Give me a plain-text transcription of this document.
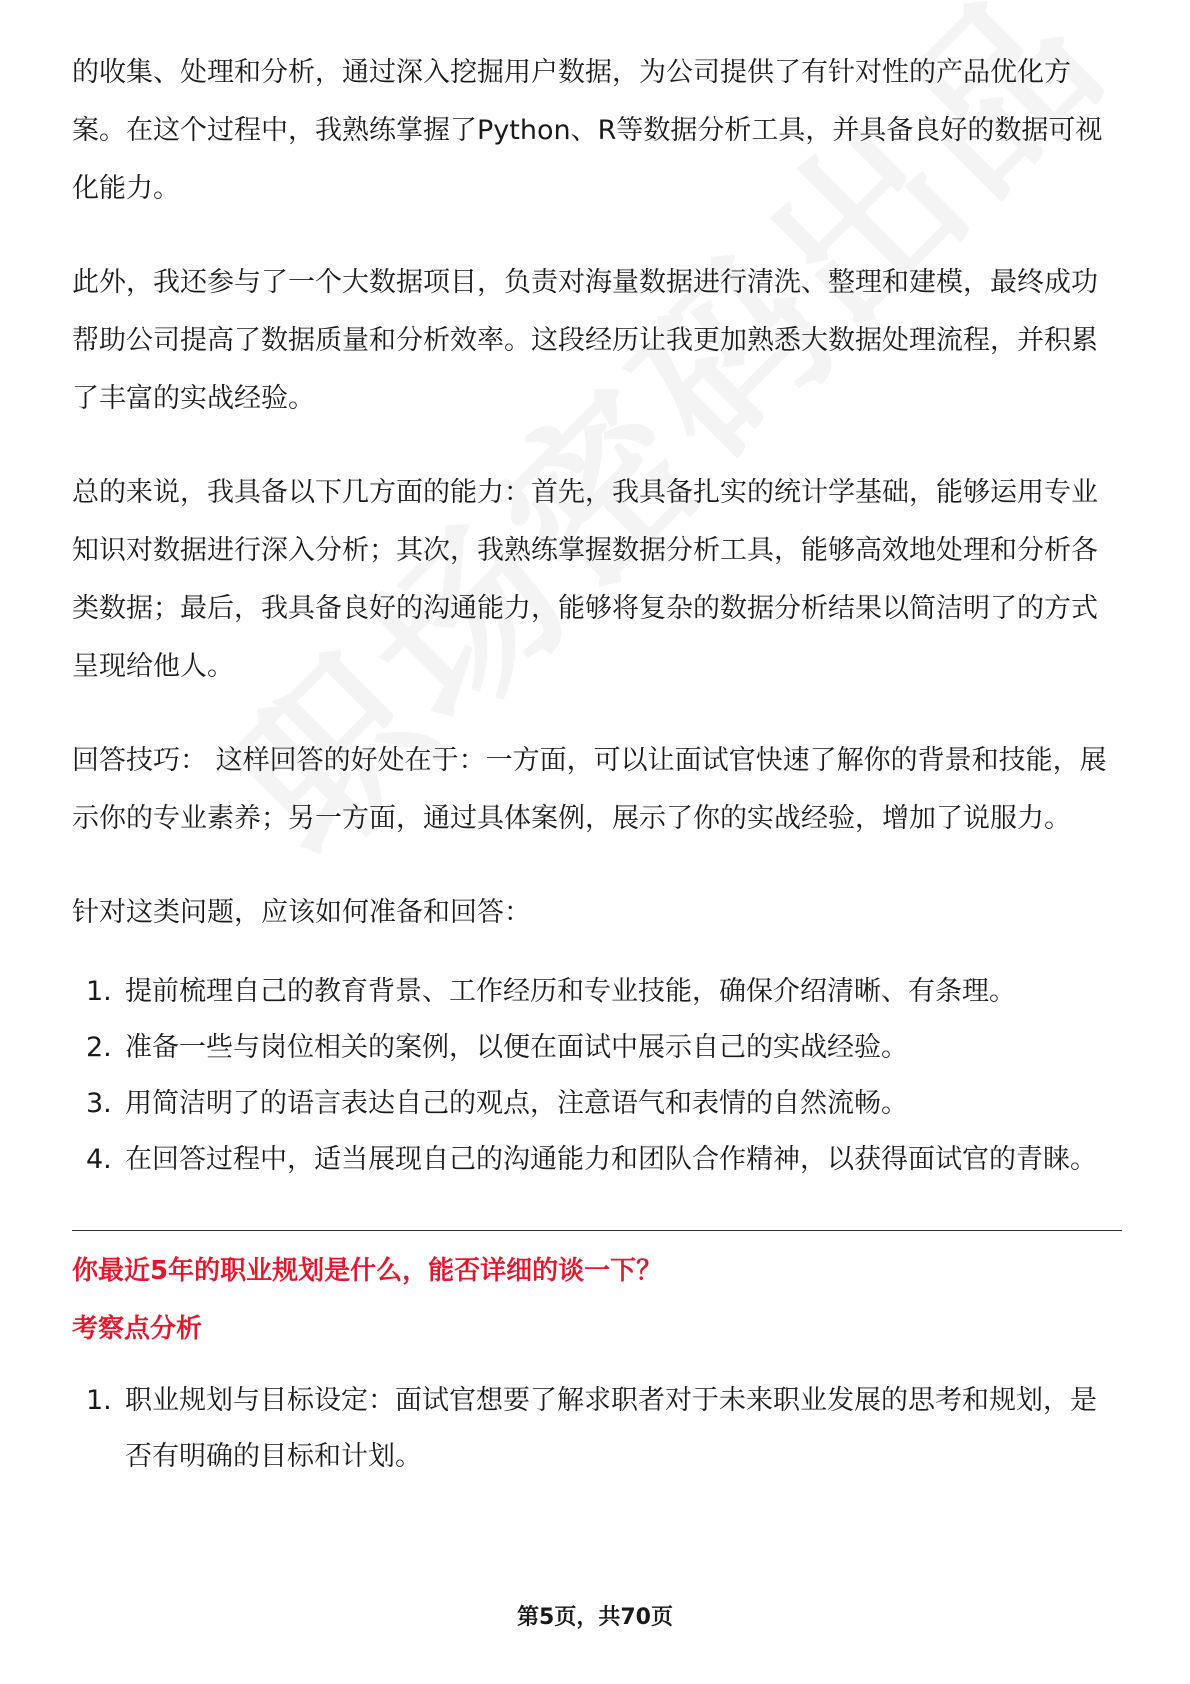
的收集、处理和分析，通过深入挖掘用户数据，为公司提供了有针对性的产品优化方案。在这个过程中，我熟练掌握了Python、R等数据分析工具，并具备良好的数据可视化能力。

此外，我还参与了一个大数据项目，负责对海量数据进行清洗、整理和建模，最终成功帮助公司提高了数据质量和分析效率。这段经历让我更加熟悉大数据处理流程，并积累了丰富的实战经验。

总的来说，我具备以下几方面的能力：首先，我具备扎实的统计学基础，能够运用专业知识对数据进行深入分析；其次，我熟练掌握数据分析工具，能够高效地处理和分析各类数据；最后，我具备良好的沟通能力，能够将复杂的数据分析结果以简洁明了的方式呈现给他人。

回答技巧： 这样回答的好处在于：一方面，可以让面试官快速了解你的背景和技能，展示你的专业素养；另一方面，通过具体案例，展示了你的实战经验，增加了说服力。

针对这类问题，应该如何准备和回答：

1. 提前梳理自己的教育背景、工作经历和专业技能，确保介绍清晰、有条理。
2. 准备一些与岗位相关的案例，以便在面试中展示自己的实战经验。
3. 用简洁明了的语言表达自己的观点，注意语气和表情的自然流畅。
4. 在回答过程中，适当展现自己的沟通能力和团队合作精神，以获得面试官的青睐。
你最近5年的职业规划是什么，能否详细的谈一下？
考察点分析
1. 职业规划与目标设定：面试官想要了解求职者对于未来职业发展的思考和规划，是否有明确的目标和计划。
第5页，共70页
